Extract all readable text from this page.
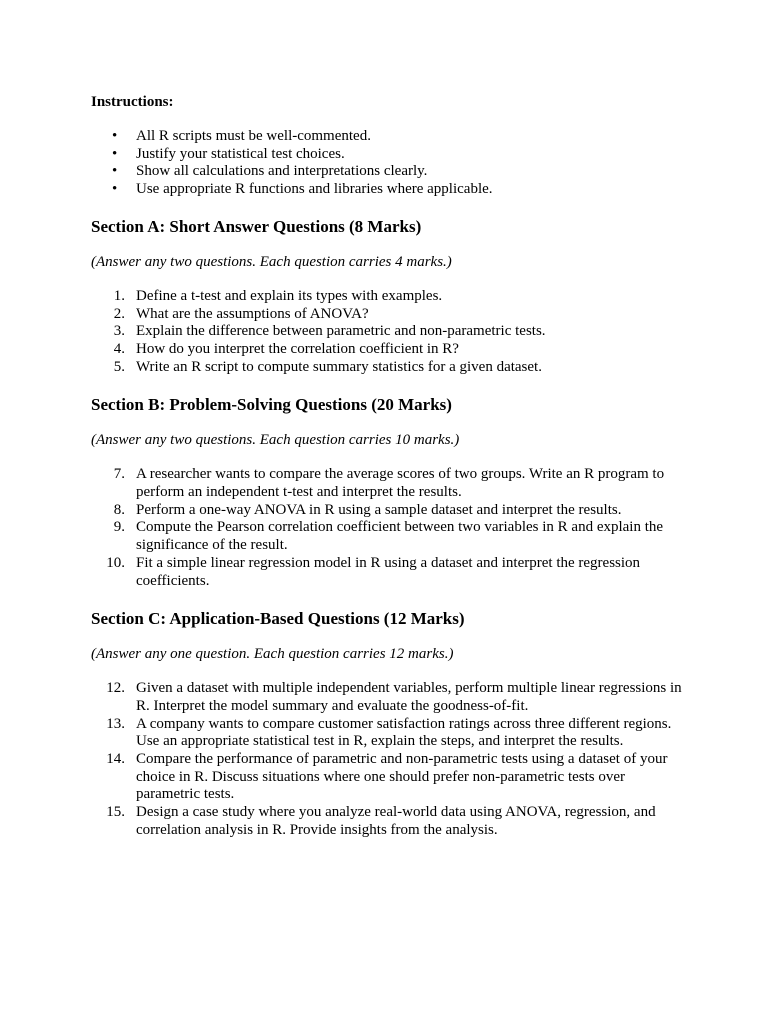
Instructions:
• All R scripts must be well-commented.
• Justify your statistical test choices.
• Show all calculations and interpretations clearly.
• Use appropriate R functions and libraries where applicable.
Section A: Short Answer Questions (8 Marks)

(Answer any two questions. Each question carries 4 marks.)

1. Define a t-test and explain its types with examples.
2. What are the assumptions of ANOVA?
3. Explain the difference between parametric and non-parametric tests.
4. How do you interpret the correlation coefficient in R?
5. Write an R script to compute summary statistics for a given dataset.
Section B: Problem-Solving Questions (20 Marks)

(Answer any two questions. Each question carries 10 marks.)

7. A researcher wants to compare the average scores of two groups. Write an R program to perform an independent t-test and interpret the results.
8. Perform a one-way ANOVA in R using a sample dataset and interpret the results.
9. Compute the Pearson correlation coefficient between two variables in R and explain the significance of the result.
10. Fit a simple linear regression model in R using a dataset and interpret the regression coefficients.
Section C: Application-Based Questions (12 Marks)

(Answer any one question. Each question carries 12 marks.)

12. Given a dataset with multiple independent variables, perform multiple linear regressions in R. Interpret the model summary and evaluate the goodness-of-fit.
13. A company wants to compare customer satisfaction ratings across three different regions. Use an appropriate statistical test in R, explain the steps, and interpret the results.
14. Compare the performance of parametric and non-parametric tests using a dataset of your choice in R. Discuss situations where one should prefer non-parametric tests over parametric tests.
15. Design a case study where you analyze real-world data using ANOVA, regression, and correlation analysis in R. Provide insights from the analysis.
